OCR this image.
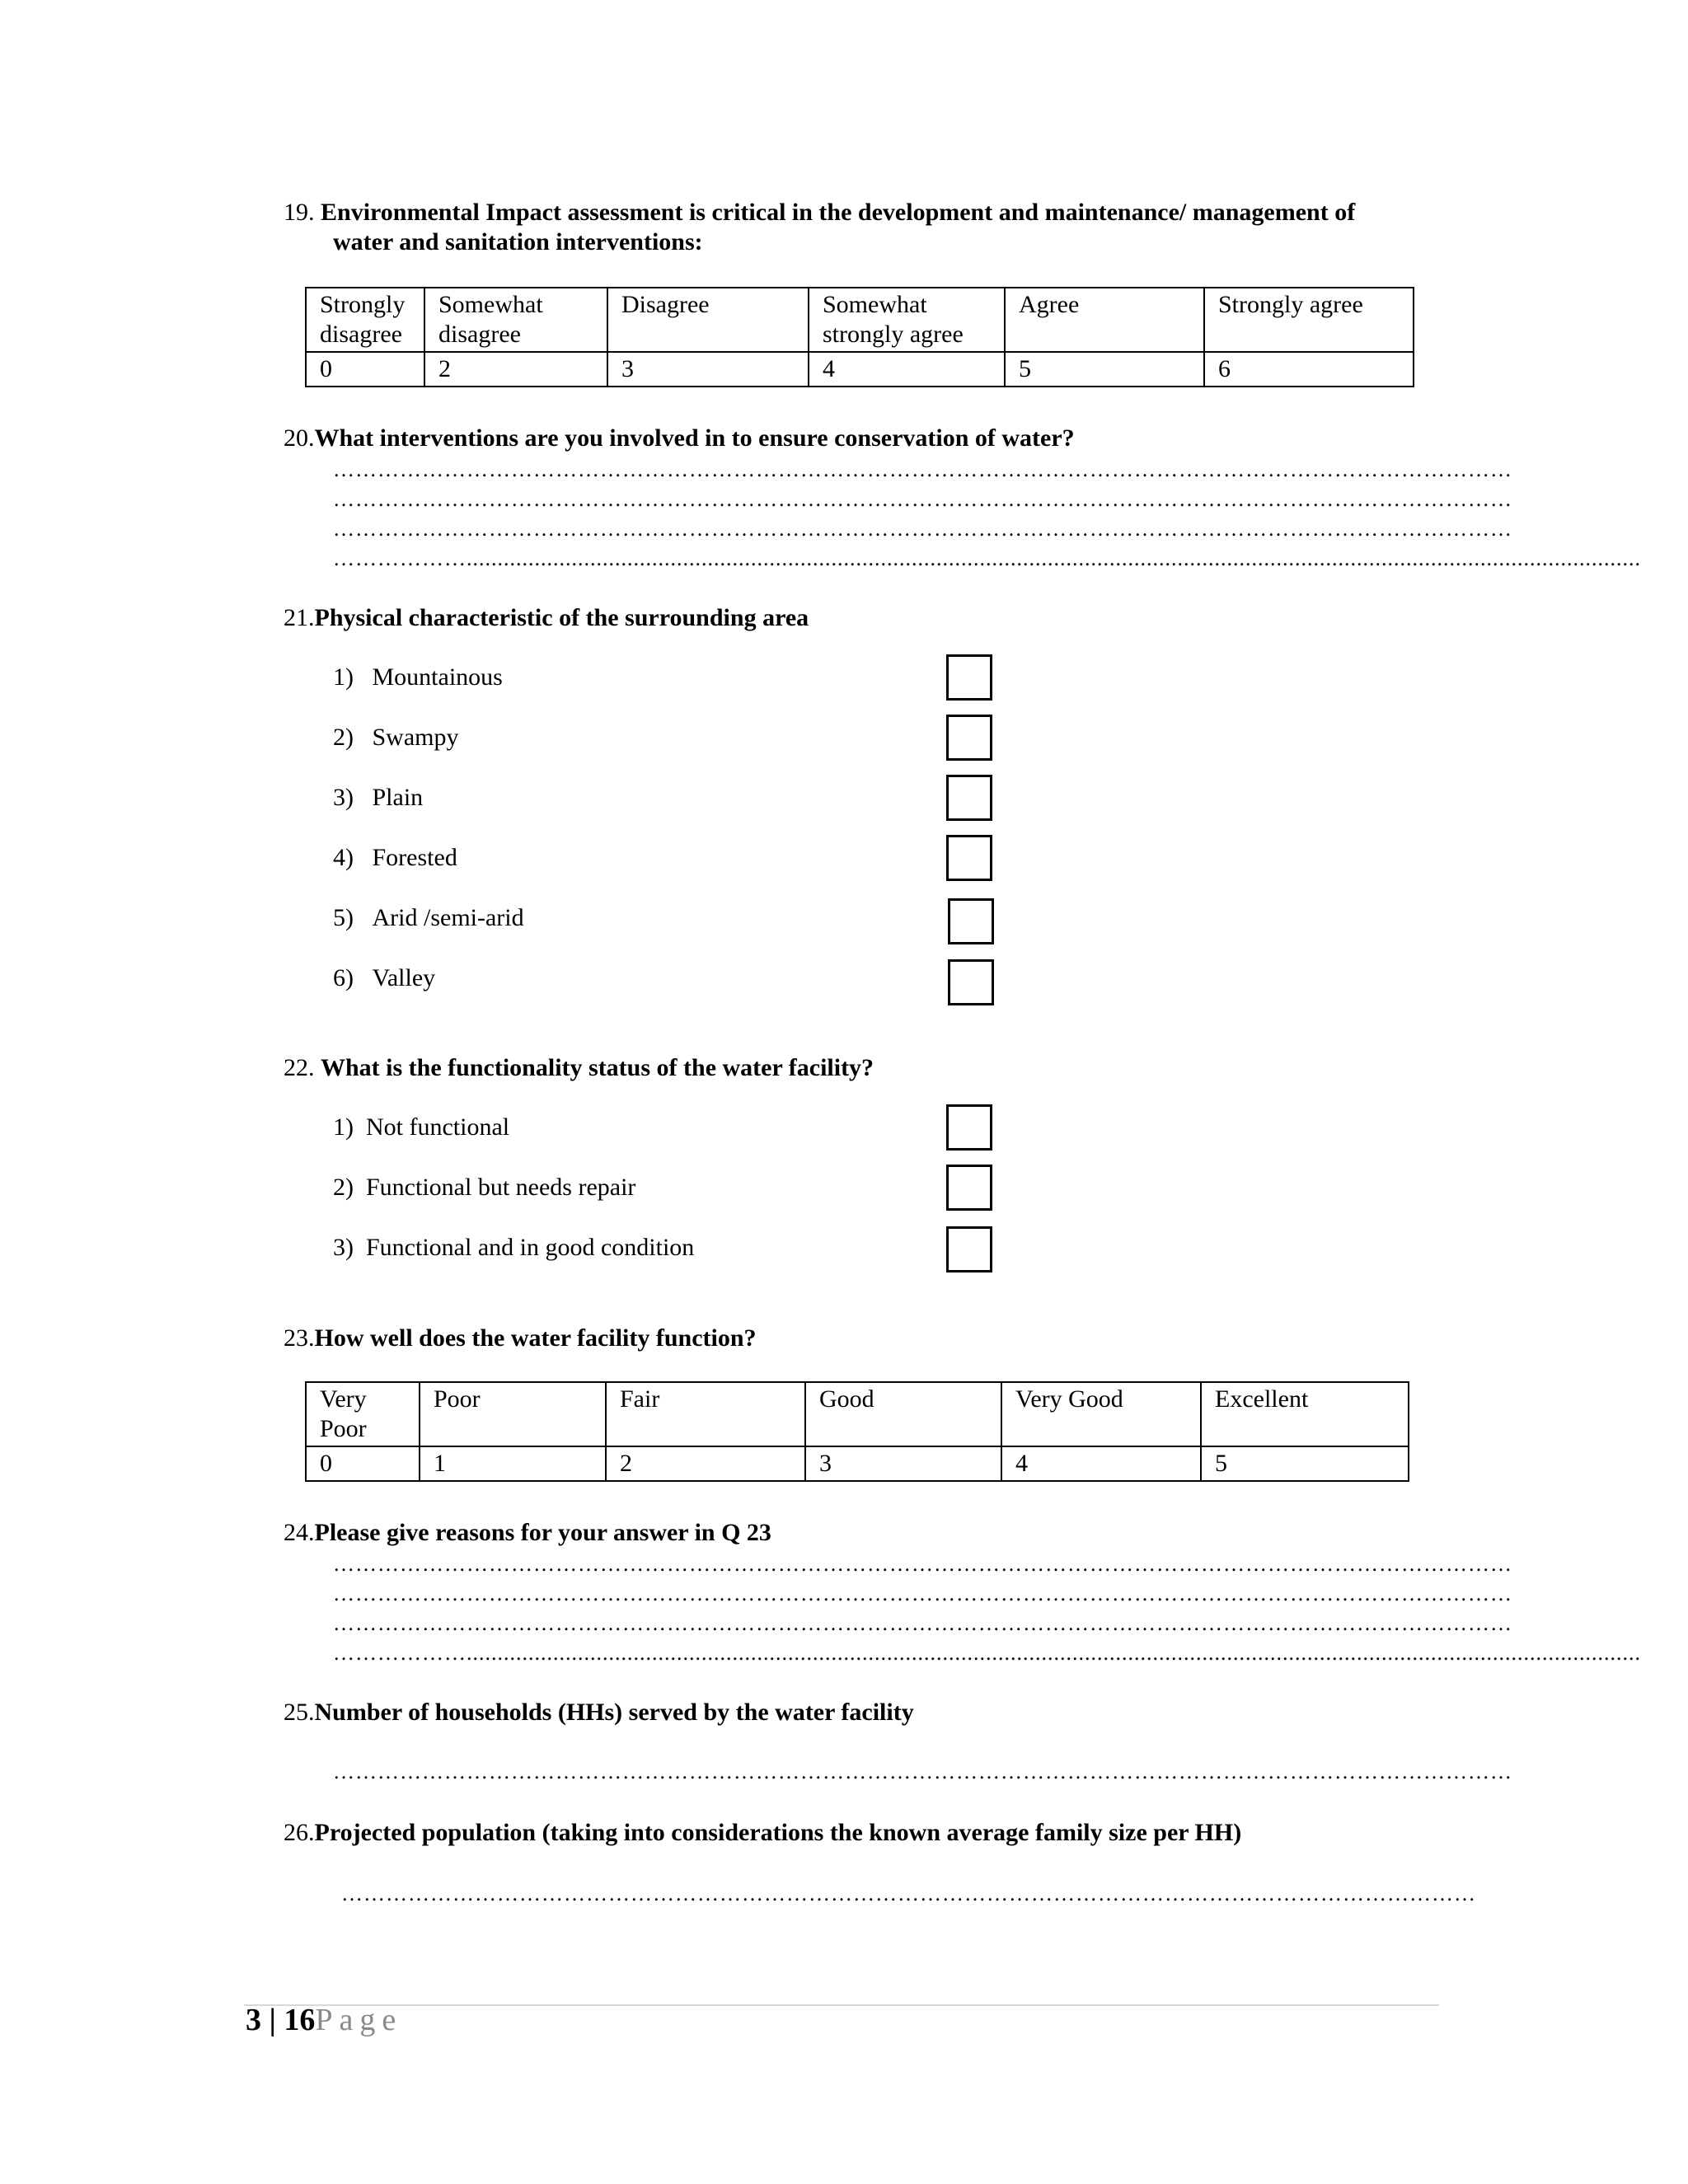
19. Environmental Impact assessment is critical in the development and maintenance/ management of
water and sanitation interventions:
Strongly disagree	Somewhat disagree	Disagree	Somewhat strongly agree	Agree	Strongly agree
0	2	3	4	5	6
20.What interventions are you involved in to ensure conservation of water?
……………………………………………………………………………………………………………………………………………
……………………………………………………………………………………………………………………………………………
……………………………………………………………………………………………………………………………………………
………………..............................................................................................................................................................................................
21.Physical characteristic of the surrounding area
1) Mountainous
2) Swampy
3) Plain
4) Forested
5) Arid /semi-arid
6) Valley
22. What is the functionality status of the water facility?
1) Not functional
2) Functional but needs repair
3) Functional and in good condition
23.How well does the water facility function?
Very Poor	Poor	Fair	Good	Very Good	Excellent
0	1	2	3	4	5
24.Please give reasons for your answer in Q 23
……………………………………………………………………………………………………………………………………………
……………………………………………………………………………………………………………………………………………
……………………………………………………………………………………………………………………………………………
………………..............................................................................................................................................................................................
25.Number of households (HHs) served by the water facility
……………………………………………………………………………………………………………………………………………
26.Projected population (taking into considerations the known average family size per HH)
………………………………………………………………………………………………………………………………………
3 | 16Page
